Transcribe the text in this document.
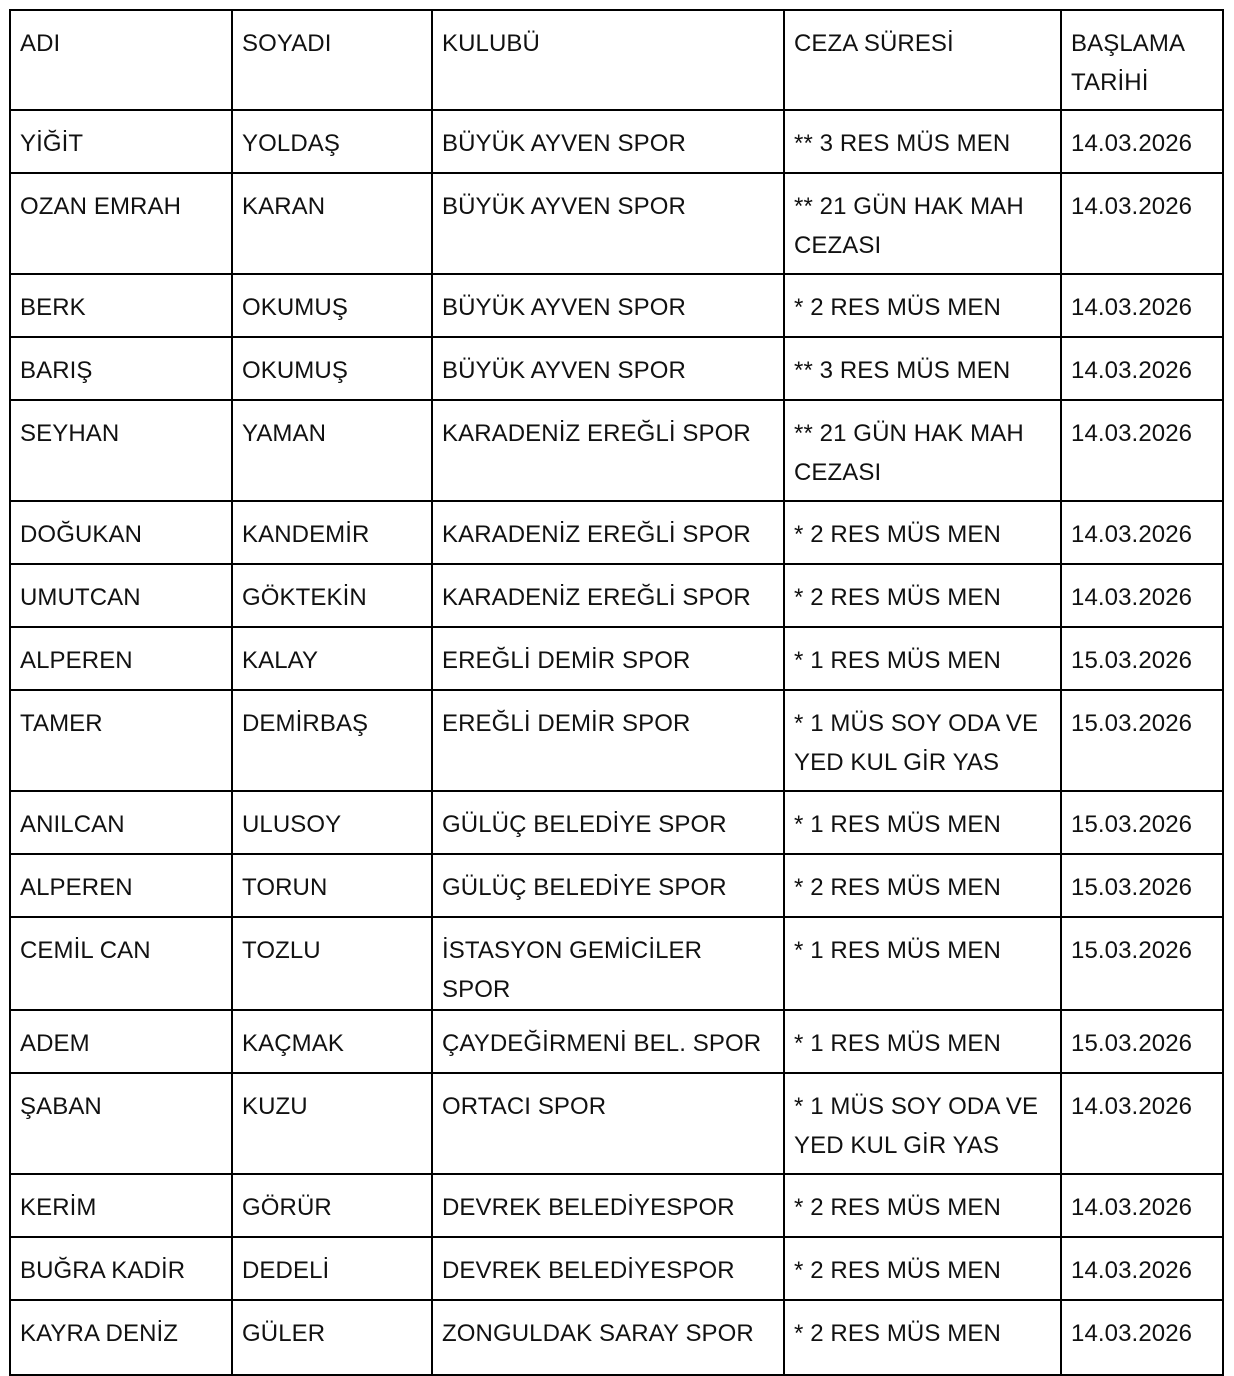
ADI	SOYADI	KULUBÜ	CEZA SÜRESİ	BAŞLAMA TARİHİ
YİĞİT	YOLDAŞ	BÜYÜK AYVEN SPOR	** 3 RES MÜS MEN	14.03.2026
OZAN EMRAH	KARAN	BÜYÜK AYVEN SPOR	** 21 GÜN HAK MAH CEZASI	14.03.2026
BERK	OKUMUŞ	BÜYÜK AYVEN SPOR	* 2 RES MÜS MEN	14.03.2026
BARIŞ	OKUMUŞ	BÜYÜK AYVEN SPOR	** 3 RES MÜS MEN	14.03.2026
SEYHAN	YAMAN	KARADENİZ EREĞLİ SPOR	** 21 GÜN HAK MAH CEZASI	14.03.2026
DOĞUKAN	KANDEMİR	KARADENİZ EREĞLİ SPOR	* 2 RES MÜS MEN	14.03.2026
UMUTCAN	GÖKTEKİN	KARADENİZ EREĞLİ SPOR	* 2 RES MÜS MEN	14.03.2026
ALPEREN	KALAY	EREĞLİ DEMİR SPOR	* 1 RES MÜS MEN	15.03.2026
TAMER	DEMİRBAŞ	EREĞLİ DEMİR SPOR	* 1 MÜS SOY ODA VE YED KUL GİR YAS	15.03.2026
ANILCAN	ULUSOY	GÜLÜÇ BELEDİYE SPOR	* 1 RES MÜS MEN	15.03.2026
ALPEREN	TORUN	GÜLÜÇ BELEDİYE SPOR	* 2 RES MÜS MEN	15.03.2026
CEMİL CAN	TOZLU	İSTASYON GEMİCİLER SPOR	* 1 RES MÜS MEN	15.03.2026
ADEM	KAÇMAK	ÇAYDEĞİRMENİ BEL. SPOR	* 1 RES MÜS MEN	15.03.2026
ŞABAN	KUZU	ORTACI SPOR	* 1 MÜS SOY ODA VE YED KUL GİR YAS	14.03.2026
KERİM	GÖRÜR	DEVREK BELEDİYESPOR	* 2 RES MÜS MEN	14.03.2026
BUĞRA KADİR	DEDELİ	DEVREK BELEDİYESPOR	* 2 RES MÜS MEN	14.03.2026
KAYRA DENİZ	GÜLER	ZONGULDAK SARAY SPOR	* 2 RES MÜS MEN	14.03.2026
